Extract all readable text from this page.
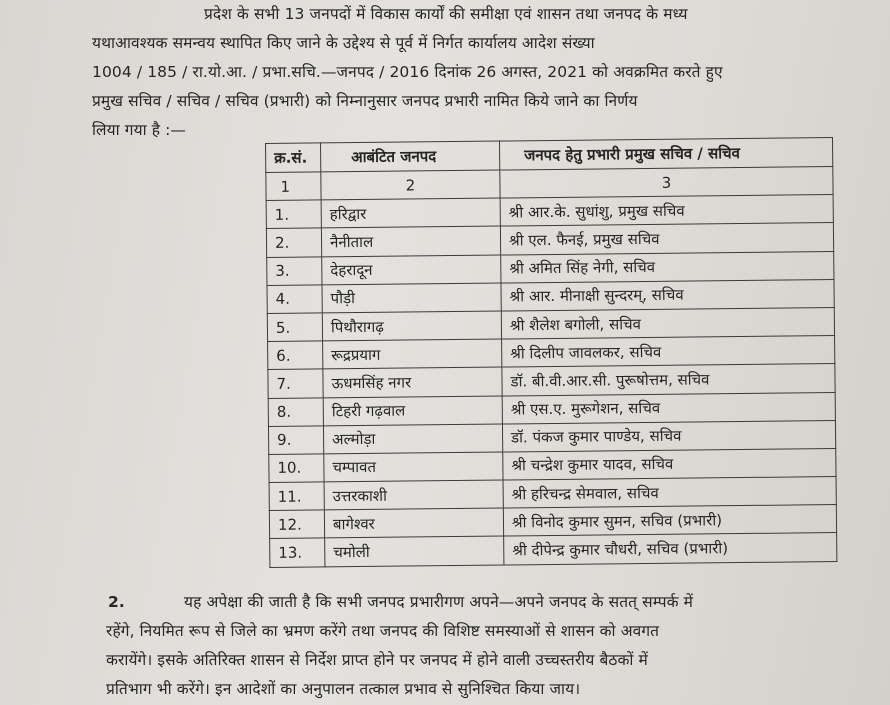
प्रदेश के सभी 13 जनपदों में विकास कार्यों की समीक्षा एवं शासन तथा जनपद के मध्य
यथाआवश्यक समन्वय स्थापित किए जाने के उद्देश्य से पूर्व में निर्गत कार्यालय आदेश संख्या
1004 / 185 / रा.यो.आ. / प्रभा.सचि.—जनपद / 2016 दिनांक 26 अगस्त, 2021 को अवक्रमित करते हुए
प्रमुख सचिव / सचिव / सचिव (प्रभारी) को निम्नानुसार जनपद प्रभारी नामित किये जाने का निर्णय
लिया गया है :—
क्र.सं.	आबंटित जनपद	जनपद हेतु प्रभारी प्रमुख सचिव / सचिव
1	2	3
1.	हरिद्वार	श्री आर.के. सुधांशु, प्रमुख सचिव
2.	नैनीताल	श्री एल. फैनई, प्रमुख सचिव
3.	देहरादून	श्री अमित सिंह नेगी, सचिव
4.	पौड़ी	श्री आर. मीनाक्षी सुन्दरम्, सचिव
5.	पिथौरागढ़	श्री शैलेश बगोली, सचिव
6.	रूद्रप्रयाग	श्री दिलीप जावलकर, सचिव
7.	ऊधमसिंह नगर	डॉ. बी.वी.आर.सी. पुरूषोत्तम, सचिव
8.	टिहरी गढ़वाल	श्री एस.ए. मुरूगेशन, सचिव
9.	अल्मोड़ा	डॉ. पंकज कुमार पाण्डेय, सचिव
10.	चम्पावत	श्री चन्द्रेश कुमार यादव, सचिव
11.	उत्तरकाशी	श्री हरिचन्द्र सेमवाल, सचिव
12.	बागेश्वर	श्री विनोद कुमार सुमन, सचिव (प्रभारी)
13.	चमोली	श्री दीपेन्द्र कुमार चौधरी, सचिव (प्रभारी)
2.	यह अपेक्षा की जाती है कि सभी जनपद प्रभारीगण अपने—अपने जनपद के सतत् सम्पर्क में
रहेंगे, नियमित रूप से जिले का भ्रमण करेंगे तथा जनपद की विशिष्ट समस्याओं से शासन को अवगत
करायेंगे। इसके अतिरिक्त शासन से निर्देश प्राप्त होने पर जनपद में होने वाली उच्चस्तरीय बैठकों में
प्रतिभाग भी करेंगे। इन आदेशों का अनुपालन तत्काल प्रभाव से सुनिश्चित किया जाय।
